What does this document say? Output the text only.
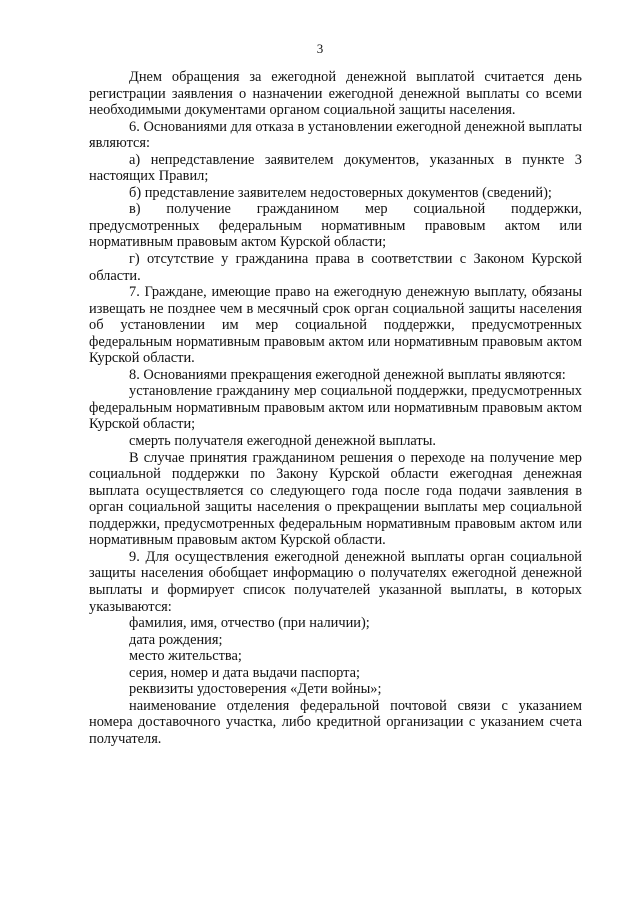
3

Днем обращения за ежегодной денежной выплатой считается день регистрации заявления о назначении ежегодной денежной выплаты со всеми необходимыми документами органом социальной защиты населения.

6. Основаниями для отказа в установлении ежегодной денежной выплаты являются:

а) непредставление заявителем документов, указанных в пункте 3 настоящих Правил;

б) представление заявителем недостоверных документов (сведений);

в) получение гражданином мер социальной поддержки, предусмотренных федеральным нормативным правовым актом или нормативным правовым актом Курской области;

г) отсутствие у гражданина права в соответствии с Законом Курской области.

7. Граждане, имеющие право на ежегодную денежную выплату, обязаны извещать не позднее чем в месячный срок орган социальной защиты населения об установлении им мер социальной поддержки, предусмотренных федеральным нормативным правовым актом или нормативным правовым актом Курской области.

8. Основаниями прекращения ежегодной денежной выплаты являются:

установление гражданину мер социальной поддержки, предусмотренных федеральным нормативным правовым актом или нормативным правовым актом Курской области;

смерть получателя ежегодной денежной выплаты.

В случае принятия гражданином решения о переходе на получение мер социальной поддержки по Закону Курской области ежегодная денежная выплата осуществляется со следующего года после года подачи заявления в орган социальной защиты населения о прекращении выплаты мер социальной поддержки, предусмотренных федеральным нормативным правовым актом или нормативным правовым актом Курской области.

9. Для осуществления ежегодной денежной выплаты орган социальной защиты населения обобщает информацию о получателях ежегодной денежной выплаты и формирует список получателей указанной выплаты, в которых указываются:

фамилия, имя, отчество (при наличии);

дата рождения;

место жительства;

серия, номер и дата выдачи паспорта;

реквизиты удостоверения «Дети войны»;

наименование отделения федеральной почтовой связи с указанием номера доставочного участка, либо кредитной организации с указанием счета получателя.
